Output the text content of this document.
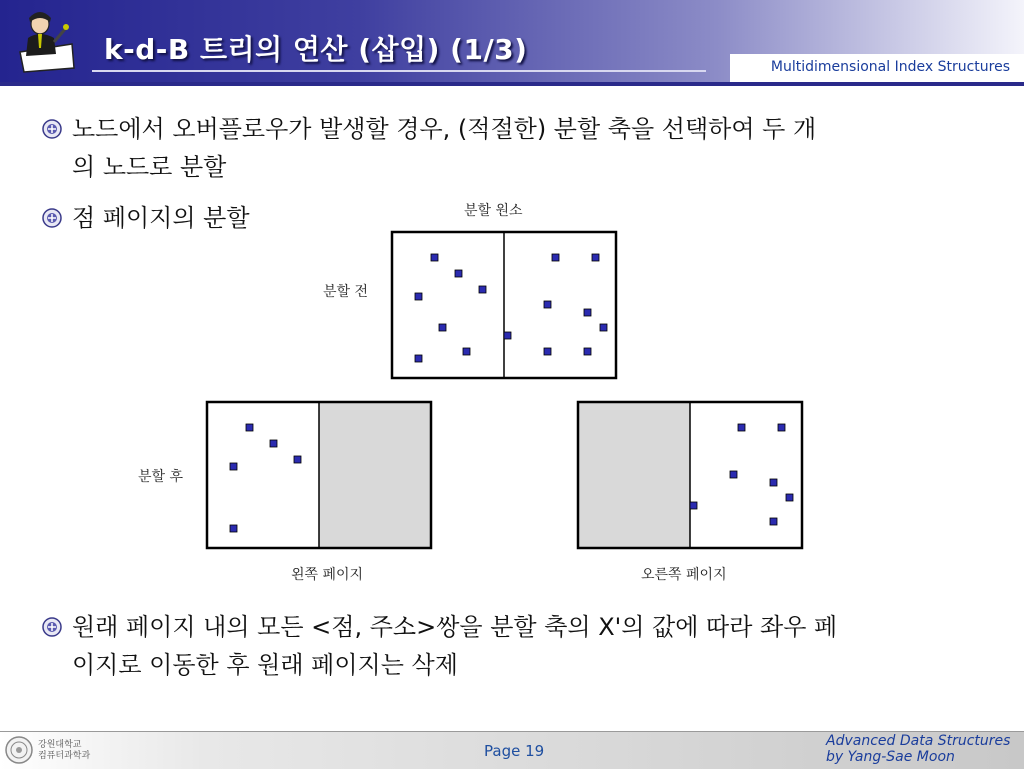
k-d-B 트리의 연산 (삽입) (1/3)
Multidimensional Index Structures
노드에서 오버플로우가 발생할 경우, (적절한) 분할 축을 선택하여 두 개
의 노드로 분할
점 페이지의 분할	분할 원소
분할 전
분할 후
왼쪽 페이지	오른쪽 페이지
원래 페이지 내의 모든 <점, 주소>쌍을 분할 축의 X'의 값에 따라 좌우 페
이지로 이동한 후 원래 페이지는 삭제
강원대학교
컴퓨터과학과	Page 19
Advanced Data Structures
by Yang-Sae Moon
